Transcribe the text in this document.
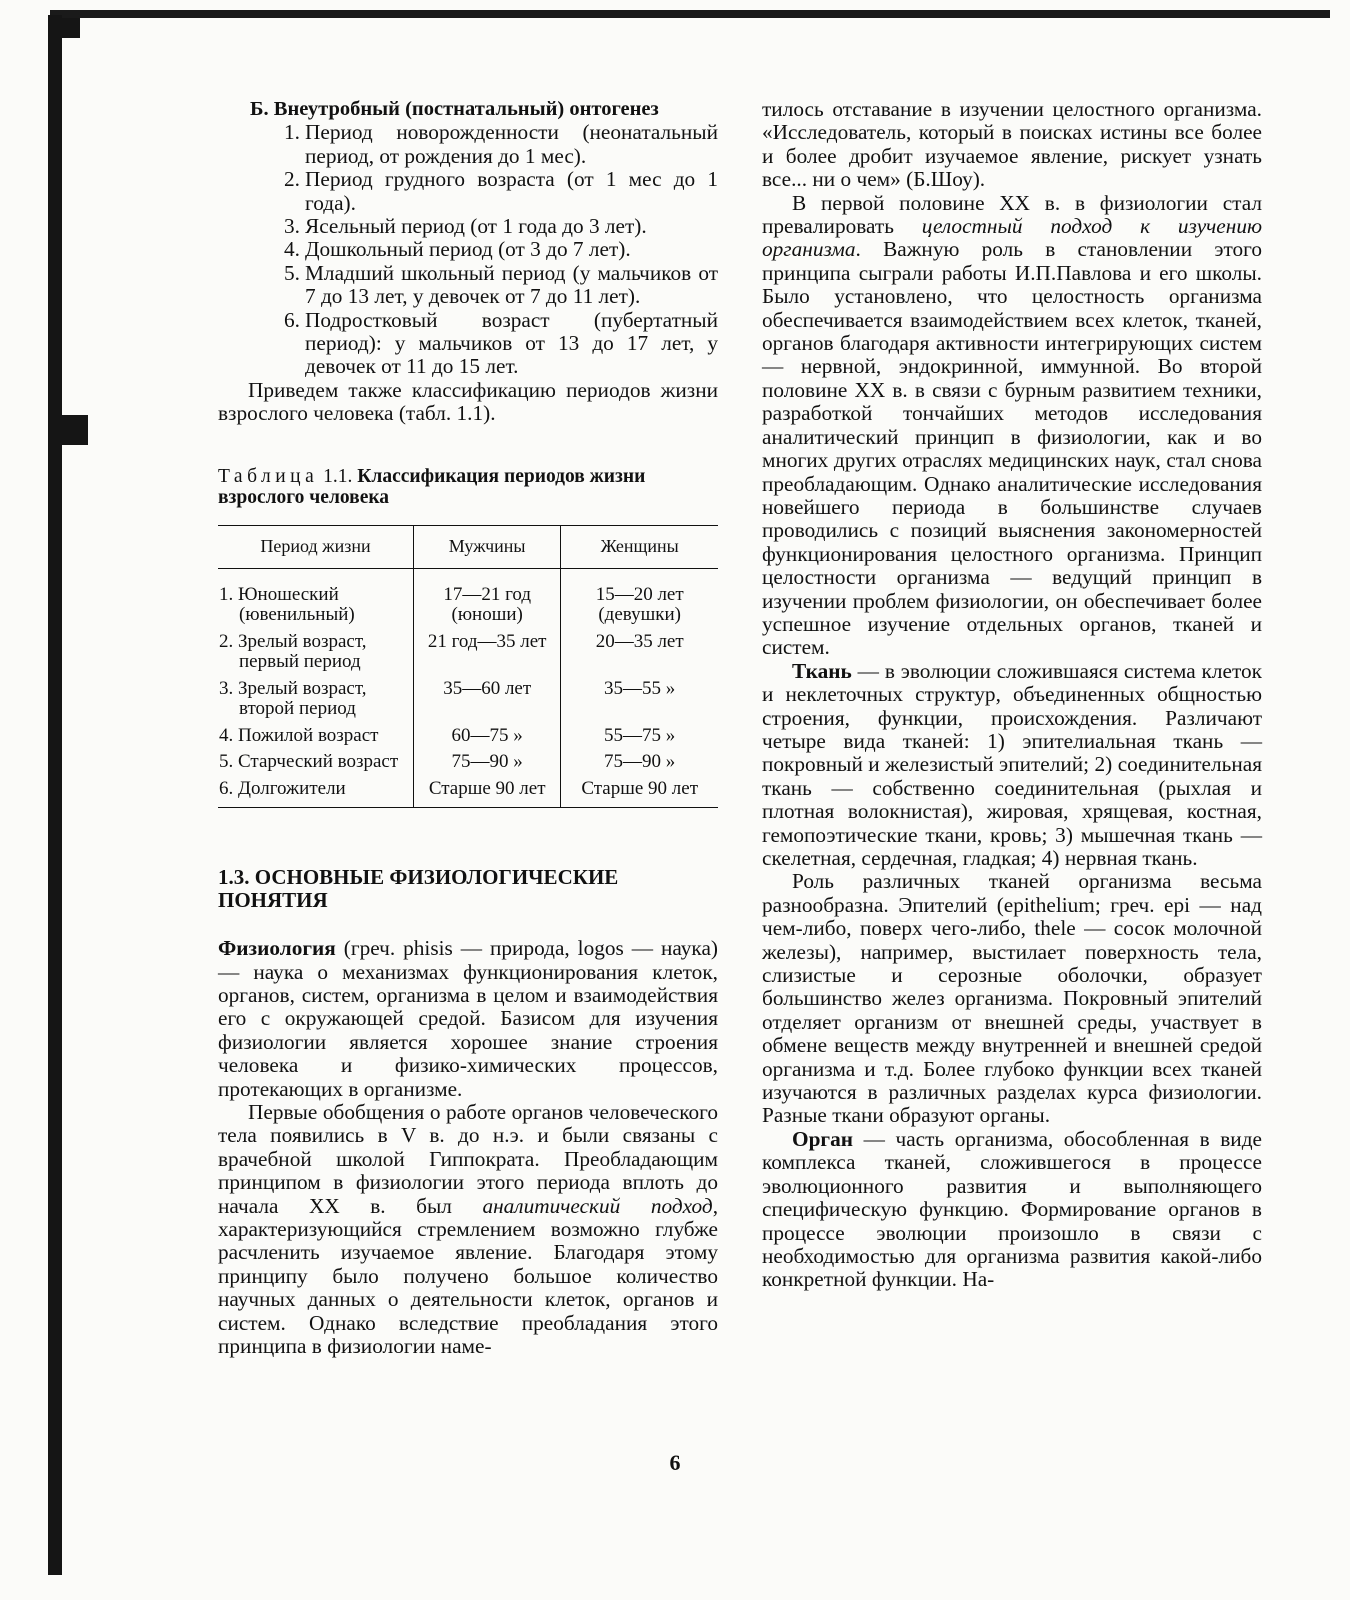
Б. Внеутробный (постнатальный) онтогенез

1. Период новорожденности (неонатальный период, от рождения до 1 мес).
2. Период грудного возраста (от 1 мес до 1 года).
3. Ясельный период (от 1 года до 3 лет).
4. Дошкольный период (от 3 до 7 лет).
5. Младший школьный период (у мальчиков от 7 до 13 лет, у девочек от 7 до 11 лет).
6. Подростковый возраст (пубертатный период): у мальчиков от 13 до 17 лет, у девочек от 11 до 15 лет.

Приведем также классификацию периодов жизни взрослого человека (табл. 1.1).

Таблица 1.1. Классификация периодов жизни взрослого человека

Период жизни	Мужчины	Женщины

1. Юношеский (ювенильный)	17—21 год (юноши)	15—20 лет (девушки)

2. Зрелый возраст, первый период	21 год—35 лет	20—35 лет

3. Зрелый возраст, второй период	35—60 лет	35—55 »

4. Пожилой возраст	60—75 »	55—75 »

5. Старческий возраст	75—90 »	75—90 »

6. Долгожители	Старше 90 лет	Старше 90 лет

1.3. ОСНОВНЫЕ ФИЗИОЛОГИЧЕСКИЕ ПОНЯТИЯ

Физиология (греч. phisis — природа, logos — наука) — наука о механизмах функционирования клеток, органов, систем, организма в целом и взаимодействия его с окружающей средой. Базисом для изучения физиологии является хорошее знание строения человека и физико-химических процессов, протекающих в организме.

Первые обобщения о работе органов человеческого тела появились в V в. до н.э. и были связаны с врачебной школой Гиппократа. Преобладающим принципом в физиологии этого периода вплоть до начала XX в. был аналитический подход, характеризующийся стремлением возможно глубже расчленить изучаемое явление. Благодаря этому принципу было получено большое количество научных данных о деятельности клеток, органов и систем. Однако вследствие преобладания этого принципа в физиологии наме-

тилось отставание в изучении целостного организма. «Исследователь, который в поисках истины все более и более дробит изучаемое явление, рискует узнать все... ни о чем» (Б.Шоу).

В первой половине XX в. в физиологии стал превалировать целостный подход к изучению организма. Важную роль в становлении этого принципа сыграли работы И.П.Павлова и его школы. Было установлено, что целостность организма обеспечивается взаимодействием всех клеток, тканей, органов благодаря активности интегрирующих систем — нервной, эндокринной, иммунной. Во второй половине XX в. в связи с бурным развитием техники, разработкой тончайших методов исследования аналитический принцип в физиологии, как и во многих других отраслях медицинских наук, стал снова преобладающим. Однако аналитические исследования новейшего периода в большинстве случаев проводились с позиций выяснения закономерностей функционирования целостного организма. Принцип целостности организма — ведущий принцип в изучении проблем физиологии, он обеспечивает более успешное изучение отдельных органов, тканей и систем.

Ткань — в эволюции сложившаяся система клеток и неклеточных структур, объединенных общностью строения, функции, происхождения. Различают четыре вида тканей: 1) эпителиальная ткань — покровный и железистый эпителий; 2) соединительная ткань — собственно соединительная (рыхлая и плотная волокнистая), жировая, хрящевая, костная, гемопоэтические ткани, кровь; 3) мышечная ткань — скелетная, сердечная, гладкая; 4) нервная ткань.

Роль различных тканей организма весьма разнообразна. Эпителий (epithelium; греч. epi — над чем-либо, поверх чего-либо, thele — сосок молочной железы), например, выстилает поверхность тела, слизистые и серозные оболочки, образует большинство желез организма. Покровный эпителий отделяет организм от внешней среды, участвует в обмене веществ между внутренней и внешней средой организма и т.д. Более глубоко функции всех тканей изучаются в различных разделах курса физиологии. Разные ткани образуют органы.

Орган — часть организма, обособленная в виде комплекса тканей, сложившегося в процессе эволюционного развития и выполняющего специфическую функцию. Формирование органов в процессе эволюции произошло в связи с необходимостью для организма развития какой-либо конкретной функции. На-

6
